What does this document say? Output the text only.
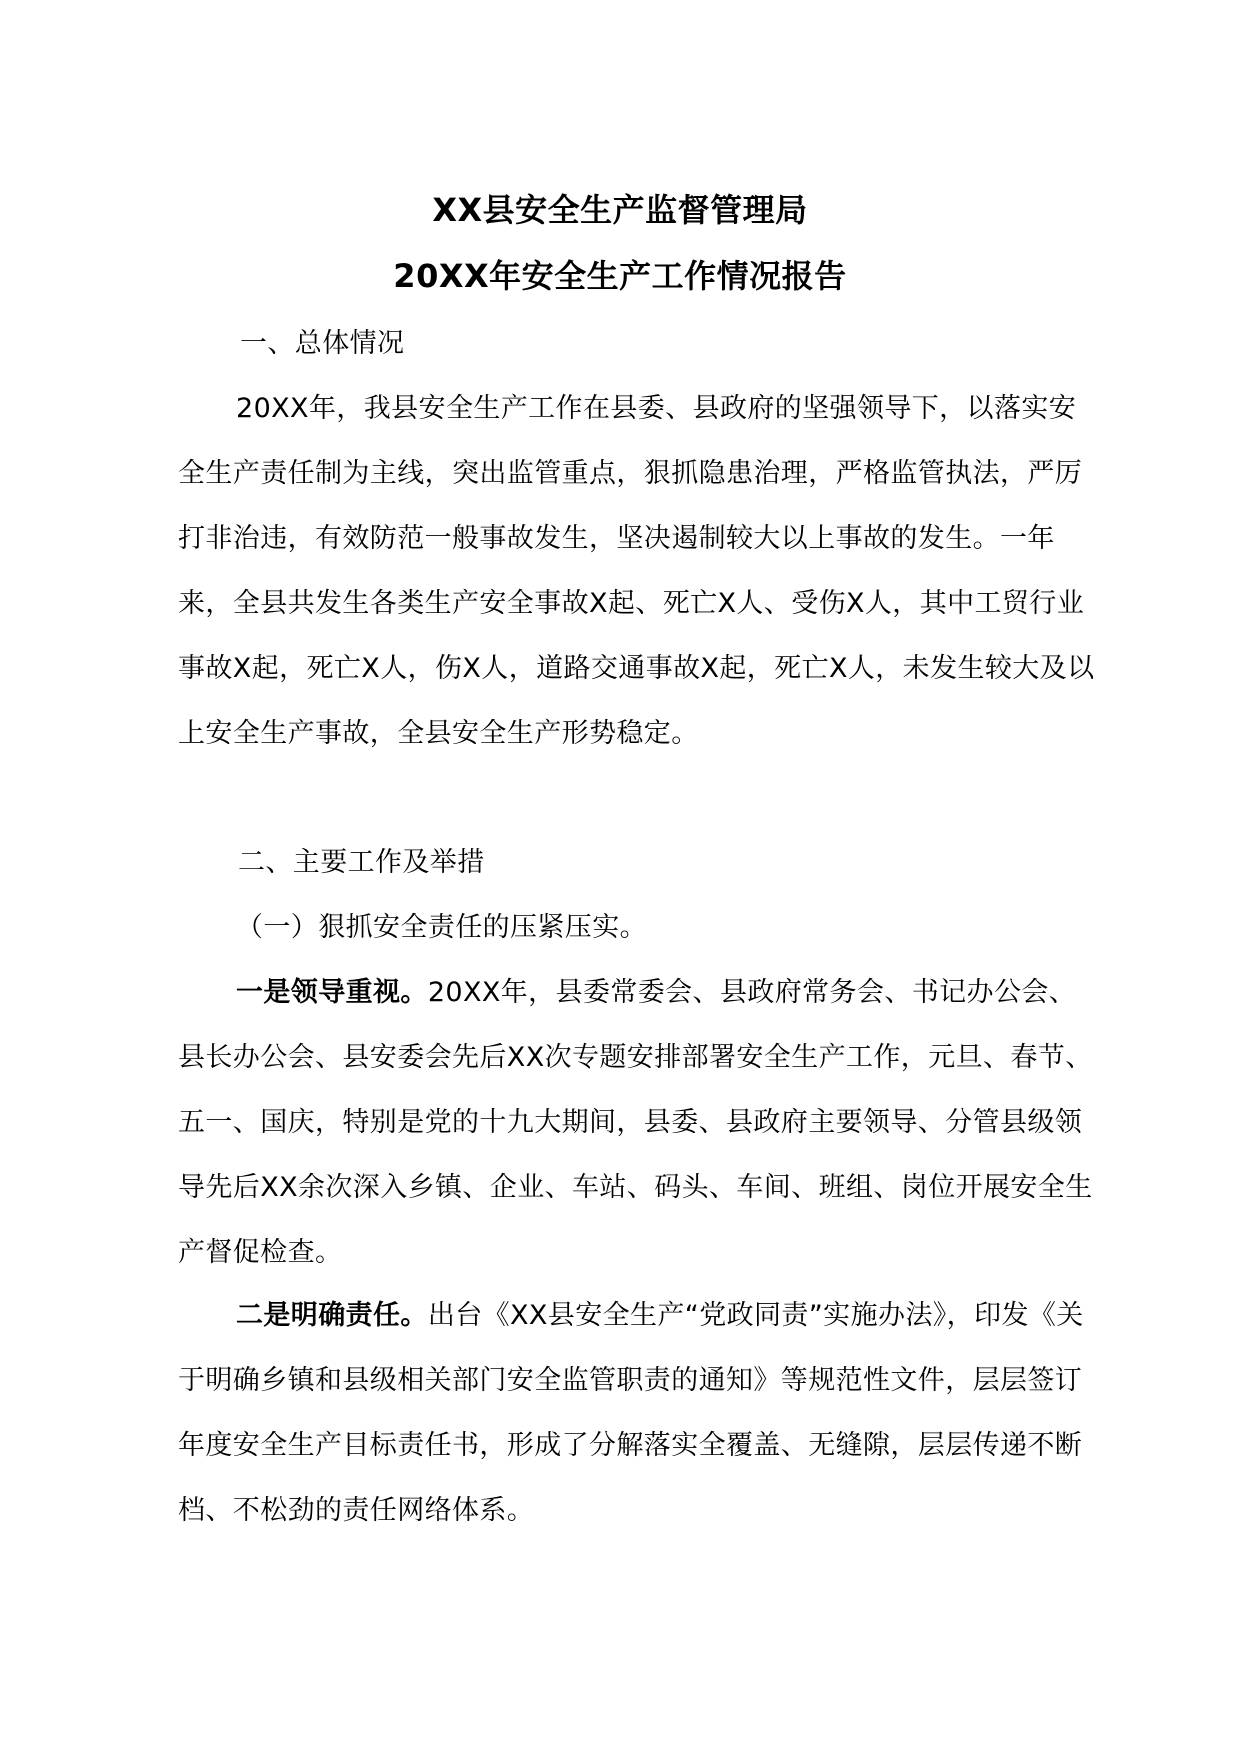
XX县安全生产监督管理局
20XX年安全生产工作情况报告
一、总体情况

20XX年，我县安全生产工作在县委、县政府的坚强领导下，以落实安全生产责任制为主线，突出监管重点，狠抓隐患治理，严格监管执法，严厉打非治违，有效防范一般事故发生，坚决遏制较大以上事故的发生。一年来，全县共发生各类生产安全事故X起、死亡X人、受伤X人，其中工贸行业事故X起，死亡X人，伤X人，道路交通事故X起，死亡X人，未发生较大及以上安全生产事故，全县安全生产形势稳定。

二、主要工作及举措
（一）狠抓安全责任的压紧压实。

一是领导重视。20XX年，县委常委会、县政府常务会、书记办公会、县长办公会、县安委会先后XX次专题安排部署安全生产工作，元旦、春节、五一、国庆，特别是党的十九大期间，县委、县政府主要领导、分管县级领导先后XX余次深入乡镇、企业、车站、码头、车间、班组、岗位开展安全生产督促检查。

二是明确责任。出台《XX县安全生产“党政同责”实施办法》，印发《关于明确乡镇和县级相关部门安全监管职责的通知》等规范性文件，层层签订年度安全生产目标责任书，形成了分解落实全覆盖、无缝隙，层层传递不断档、不松劲的责任网络体系。
